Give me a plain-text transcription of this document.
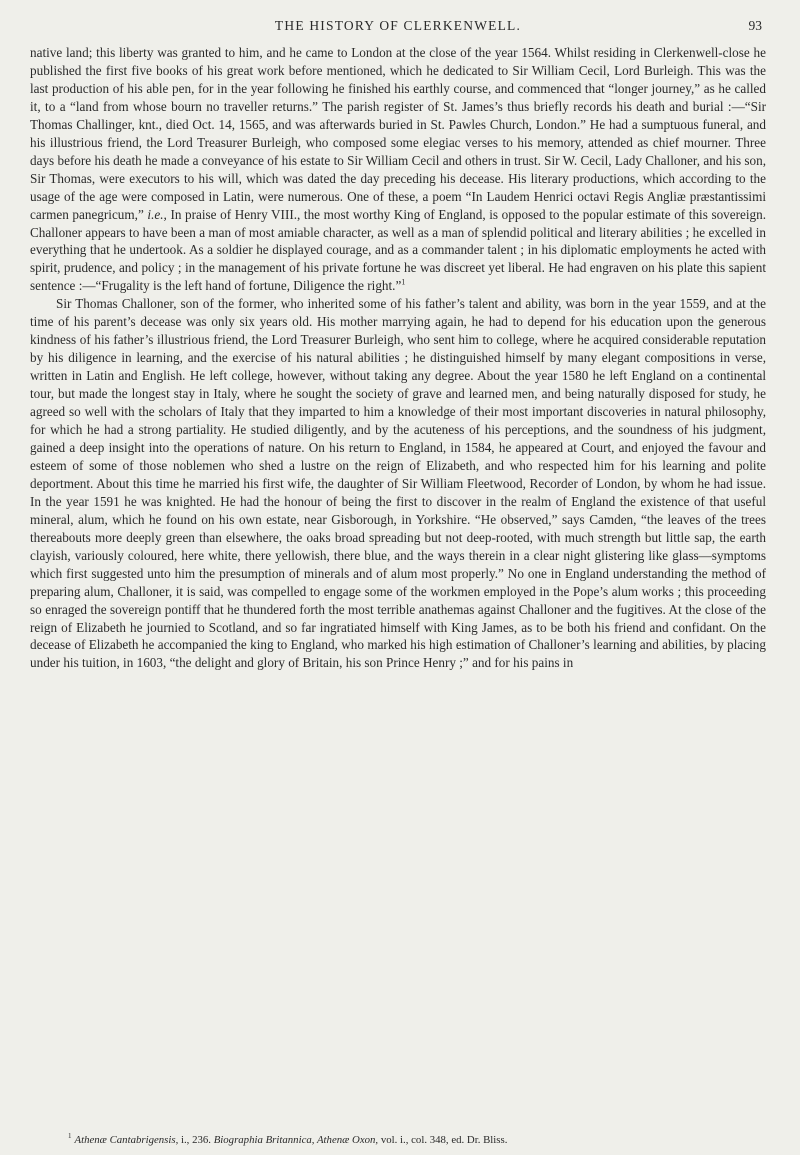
THE HISTORY OF CLERKENWELL.	93

native land; this liberty was granted to him, and he came to London at the close of the year 1564. Whilst residing in Clerkenwell-close he published the first five books of his great work before mentioned, which he dedicated to Sir William Cecil, Lord Burleigh. This was the last production of his able pen, for in the year following he finished his earthly course, and commenced that “longer journey,” as he called it, to a “land from whose bourn no traveller returns.” The parish register of St. James’s thus briefly records his death and burial :—“Sir Thomas Challinger, knt., died Oct. 14, 1565, and was afterwards buried in St. Pawles Church, London.” He had a sumptuous funeral, and his illustrious friend, the Lord Treasurer Burleigh, who composed some elegiac verses to his memory, attended as chief mourner. Three days before his death he made a conveyance of his estate to Sir William Cecil and others in trust. Sir W. Cecil, Lady Challoner, and his son, Sir Thomas, were executors to his will, which was dated the day preceding his decease. His literary productions, which according to the usage of the age were composed in Latin, were numerous. One of these, a poem “In Laudem Henrici octavi Regis Angliæ præstantissimi carmen panegricum,” i.e., In praise of Henry VIII., the most worthy King of England, is opposed to the popular estimate of this sovereign. Challoner appears to have been a man of most amiable character, as well as a man of splendid political and literary abilities ; he excelled in everything that he undertook. As a soldier he displayed courage, and as a commander talent ; in his diplomatic employments he acted with spirit, prudence, and policy ; in the management of his private fortune he was discreet yet liberal. He had engraven on his plate this sapient sentence :—“Frugality is the left hand of fortune, Diligence the right.”$^1$

Sir Thomas Challoner, son of the former, who inherited some of his father’s talent and ability, was born in the year 1559, and at the time of his parent’s decease was only six years old. His mother marrying again, he had to depend for his education upon the generous kindness of his father’s illustrious friend, the Lord Treasurer Burleigh, who sent him to college, where he acquired considerable reputation by his diligence in learning, and the exercise of his natural abilities ; he distinguished himself by many elegant compositions in verse, written in Latin and English. He left college, however, without taking any degree. About the year 1580 he left England on a continental tour, but made the longest stay in Italy, where he sought the society of grave and learned men, and being naturally disposed for study, he agreed so well with the scholars of Italy that they imparted to him a knowledge of their most important discoveries in natural philosophy, for which he had a strong partiality. He studied diligently, and by the acuteness of his perceptions, and the soundness of his judgment, gained a deep insight into the operations of nature. On his return to England, in 1584, he appeared at Court, and enjoyed the favour and esteem of some of those noblemen who shed a lustre on the reign of Elizabeth, and who respected him for his learning and polite deportment. About this time he married his first wife, the daughter of Sir William Fleetwood, Recorder of London, by whom he had issue. In the year 1591 he was knighted. He had the honour of being the first to discover in the realm of England the existence of that useful mineral, alum, which he found on his own estate, near Gisborough, in Yorkshire. “He observed,” says Camden, “the leaves of the trees thereabouts more deeply green than elsewhere, the oaks broad spreading but not deep-rooted, with much strength but little sap, the earth clayish, variously coloured, here white, there yellowish, there blue, and the ways therein in a clear night glistering like glass—symptoms which first suggested unto him the presumption of minerals and of alum most properly.” No one in England understanding the method of preparing alum, Challoner, it is said, was compelled to engage some of the workmen employed in the Pope’s alum works ; this proceeding so enraged the sovereign pontiff that he thundered forth the most terrible anathemas against Challoner and the fugitives. At the close of the reign of Elizabeth he journied to Scotland, and so far ingratiated himself with King James, as to be both his friend and confidant. On the decease of Elizabeth he accompanied the king to England, who marked his high estimation of Challoner’s learning and abilities, by placing under his tuition, in 1603, “the delight and glory of Britain, his son Prince Henry ;” and for his pains in

$^1$ Athenæ Cantabrigensis, i., 236. Biographia Britannica, Athenæ Oxon, vol. i., col. 348, ed. Dr. Bliss.
